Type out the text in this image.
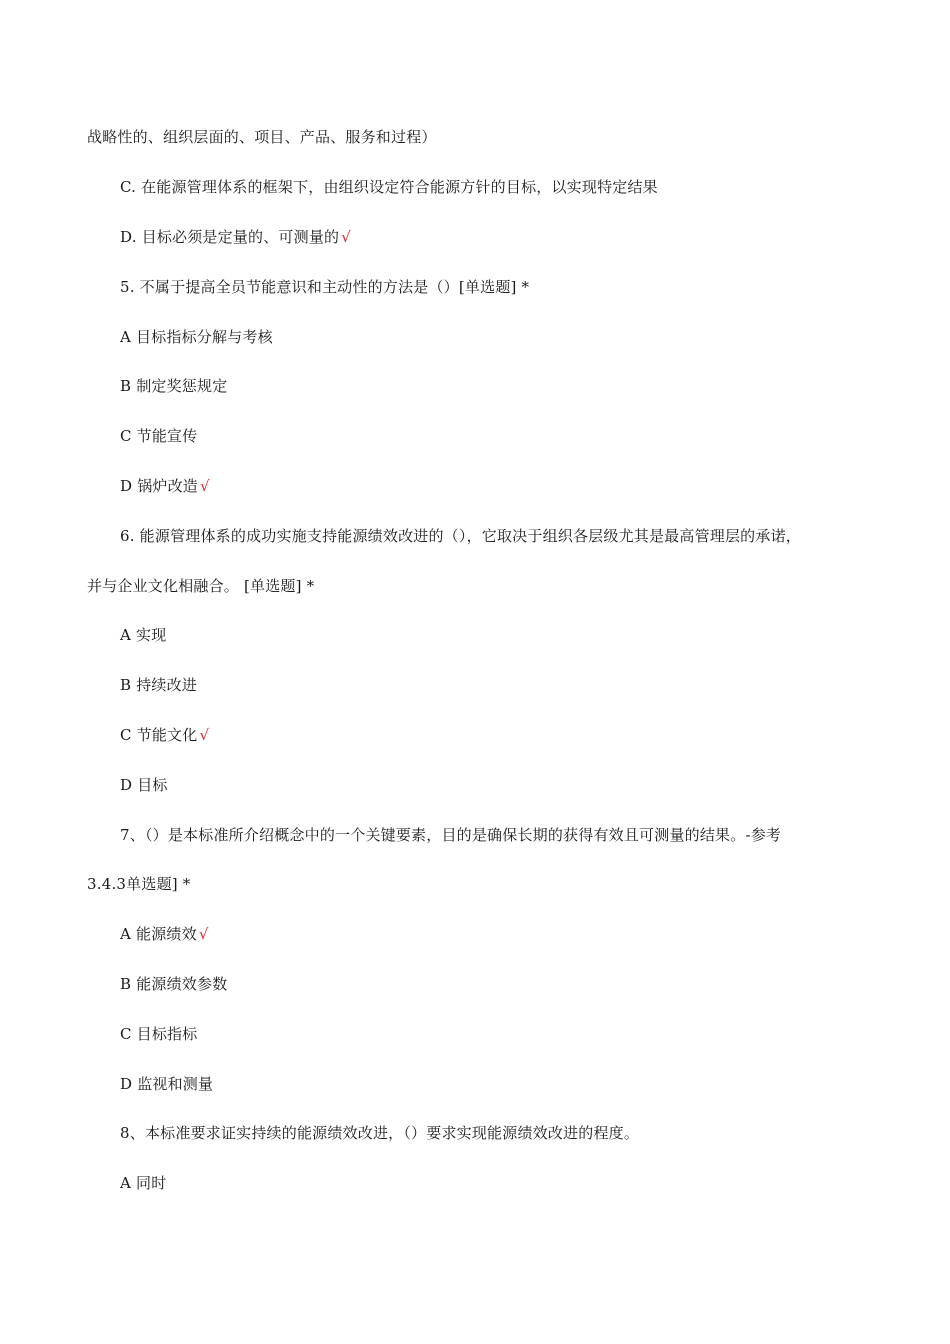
战略性的、组织层面的、项目、产品、服务和过程）
C. 在能源管理体系的框架下，由组织设定符合能源方针的目标，以实现特定结果
D. 目标必须是定量的、可测量的 √
5. 不属于提高全员节能意识和主动性的方法是（）[单选题] *
A 目标指标分解与考核
B 制定奖惩规定
C 节能宣传
D 锅炉改造 √
6. 能源管理体系的成功实施支持能源绩效改进的（），它取决于组织各层级尤其是最高管理层的承诺，
并与企业文化相融合。 [单选题] *
A 实现
B 持续改进
C 节能文化 √
D 目标
7、（）是本标准所介绍概念中的一个关键要素，目的是确保长期的获得有效且可测量的结果。-参考
3.4.3单选题] *
A 能源绩效 √
B 能源绩效参数
C 目标指标
D 监视和测量
8、本标准要求证实持续的能源绩效改进，（）要求实现能源绩效改进的程度。
A 同时
